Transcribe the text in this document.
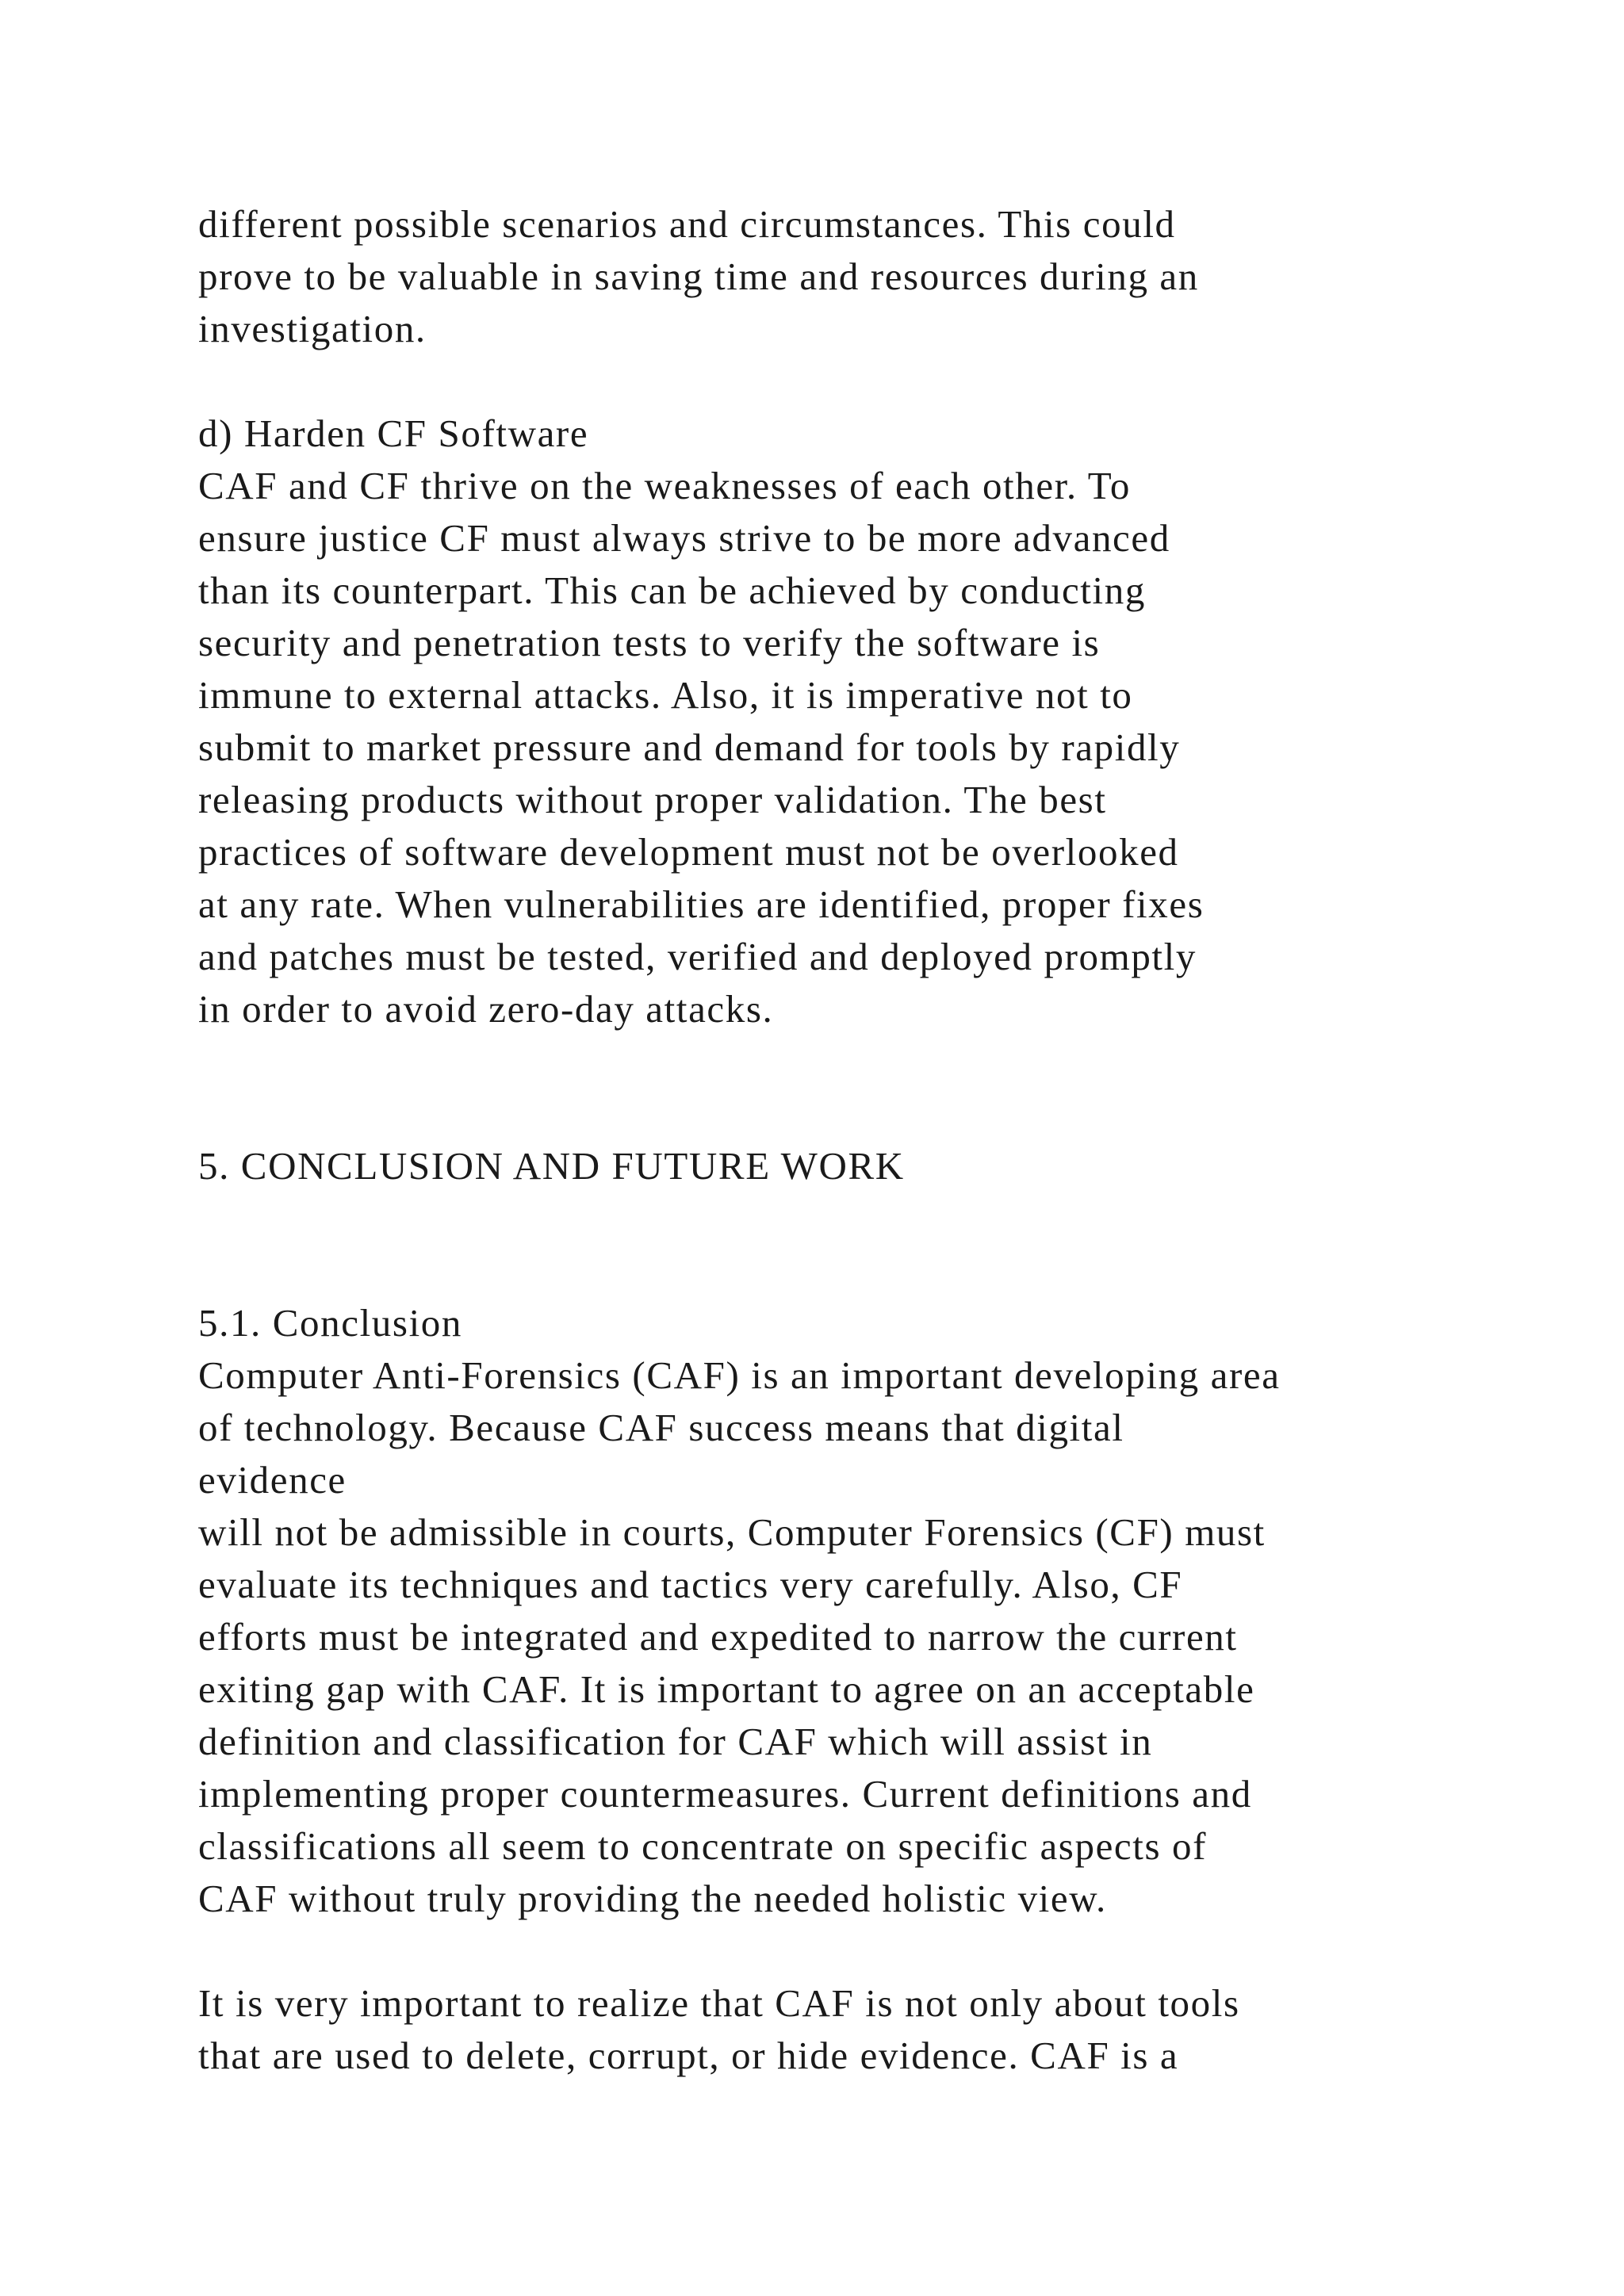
different possible scenarios and circumstances. This could

prove to be valuable in saving time and resources during an

investigation.

d) Harden CF Software

CAF and CF thrive on the weaknesses of each other. To

ensure justice CF must always strive to be more advanced

than its counterpart. This can be achieved by conducting

security and penetration tests to verify the software is

immune to external attacks. Also, it is imperative not to

submit to market pressure and demand for tools by rapidly

releasing products without proper validation. The best

practices of software development must not be overlooked

at any rate. When vulnerabilities are identified, proper fixes

and patches must be tested, verified and deployed promptly

in order to avoid zero-day attacks.

5. CONCLUSION AND FUTURE WORK

5.1. Conclusion

Computer Anti-Forensics (CAF) is an important developing area

of technology. Because CAF success means that digital

evidence

will not be admissible in courts, Computer Forensics (CF) must

evaluate its techniques and tactics very carefully. Also, CF

efforts must be integrated and expedited to narrow the current

exiting gap with CAF. It is important to agree on an acceptable

definition and classification for CAF which will assist in

implementing proper countermeasures. Current definitions and

classifications all seem to concentrate on specific aspects of

CAF without truly providing the needed holistic view.

It is very important to realize that CAF is not only about tools

that are used to delete, corrupt, or hide evidence. CAF is a
